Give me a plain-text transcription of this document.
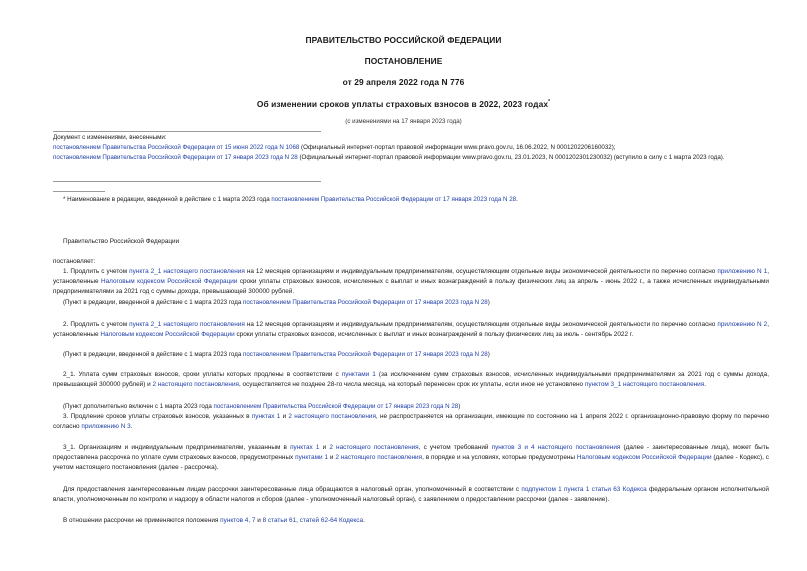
ПРАВИТЕЛЬСТВО РОССИЙСКОЙ ФЕДЕРАЦИИ
ПОСТАНОВЛЕНИЕ
от 29 апреля 2022 года N 776
Об изменении сроков уплаты страховых взносов в 2022, 2023 годах*
(с изменениями на 17 января 2023 года)
Документ с изменениями, внесенными:
постановлением Правительства Российской Федерации от 15 июня 2022 года N 1068 (Официальный интернет-портал правовой информации www.pravo.gov.ru, 16.06.2022, N 0001202206160032);
постановлением Правительства Российской Федерации от 17 января 2023 года N 28 (Официальный интернет-портал правовой информации www.pravo.gov.ru, 23.01.2023, N 0001202301230032) (вступило в силу с 1 марта 2023 года).
* Наименование в редакции, введенной в действие с 1 марта 2023 года постановлением Правительства Российской Федерации от 17 января 2023 года N 28.
Правительство Российской Федерации
постановляет:
1. Продлить с учетом пункта 2_1 настоящего постановления на 12 месяцев организациям и индивидуальным предпринимателям, осуществляющим отдельные виды экономической деятельности по перечню согласно приложению N 1, установленные Налоговым кодексом Российской Федерации сроки уплаты страховых взносов, исчисленных с выплат и иных вознаграждений в пользу физических лиц за апрель - июнь 2022 г., а также исчисленных индивидуальными предпринимателями за 2021 год с суммы дохода, превышающей 300000 рублей.
(Пункт в редакции, введенной в действие с 1 марта 2023 года постановлением Правительства Российской Федерации от 17 января 2023 года N 28)
2. Продлить с учетом пункта 2_1 настоящего постановления на 12 месяцев организациям и индивидуальным предпринимателям, осуществляющим отдельные виды экономической деятельности по перечню согласно приложению N 2, установленные Налоговым кодексом Российской Федерации сроки уплаты страховых взносов, исчисленных с выплат и иных вознаграждений в пользу физических лиц за июль - сентябрь 2022 г.
(Пункт в редакции, введенной в действие с 1 марта 2023 года постановлением Правительства Российской Федерации от 17 января 2023 года N 28)
2_1. Уплата сумм страховых взносов, сроки уплаты которых продлены в соответствии с пунктами 1 (за исключением сумм страховых взносов, исчисленных индивидуальными предпринимателями за 2021 год с суммы дохода, превышающей 300000 рублей) и 2 настоящего постановления, осуществляется не позднее 28-го числа месяца, на который перенесен срок их уплаты, если иное не установлено пунктом 3_1 настоящего постановления.
(Пункт дополнительно включен с 1 марта 2023 года постановлением Правительства Российской Федерации от 17 января 2023 года N 28)
3. Продление сроков уплаты страховых взносов, указанных в пунктах 1 и 2 настоящего постановления, не распространяется на организации, имеющие по состоянию на 1 апреля 2022 г. организационно-правовую форму по перечню согласно приложению N 3.
3_1. Организациям и индивидуальным предпринимателям, указанным в пунктах 1 и 2 настоящего постановления, с учетом требований пунктов 3 и 4 настоящего постановления (далее - заинтересованные лица), может быть предоставлена рассрочка по уплате сумм страховых взносов, предусмотренных пунктами 1 и 2 настоящего постановления, в порядке и на условиях, которые предусмотрены Налоговым кодексом Российской Федерации (далее - Кодекс), с учетом настоящего постановления (далее - рассрочка).
Для предоставления заинтересованным лицам рассрочки заинтересованные лица обращаются в налоговый орган, уполномоченный в соответствии с подпунктом 1 пункта 1 статьи 63 Кодекса федеральным органом исполнительной власти, уполномоченным по контролю и надзору в области налогов и сборов (далее - уполномоченный налоговый орган), с заявлением о предоставлении рассрочки (далее - заявление).
В отношении рассрочки не применяются положения пунктов 4, 7 и 8 статьи 61, статей 62-64 Кодекса.
